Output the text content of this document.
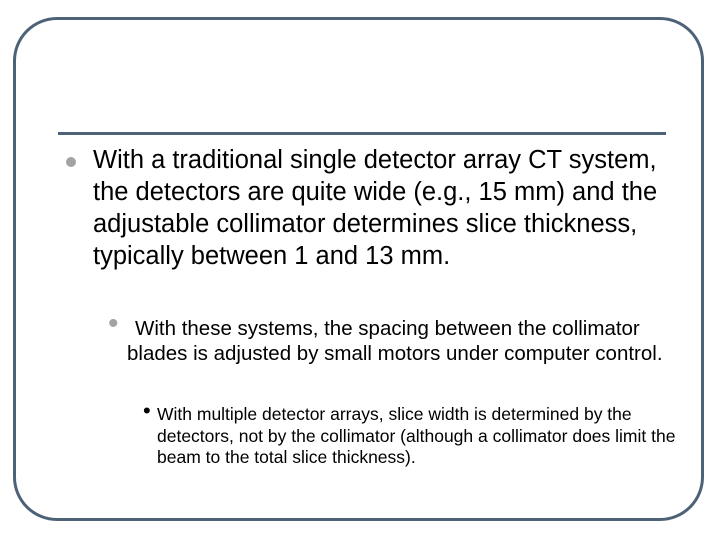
With a traditional single detector array CT system, the detectors are quite wide (e.g., 15 mm) and the adjustable collimator determines slice thickness, typically between 1 and 13 mm.

• With these systems, the spacing between the collimator blades is adjusted by small motors under computer control.

• With multiple detector arrays, slice width is determined by the detectors, not by the collimator (although a collimator does limit the beam to the total slice thickness).
